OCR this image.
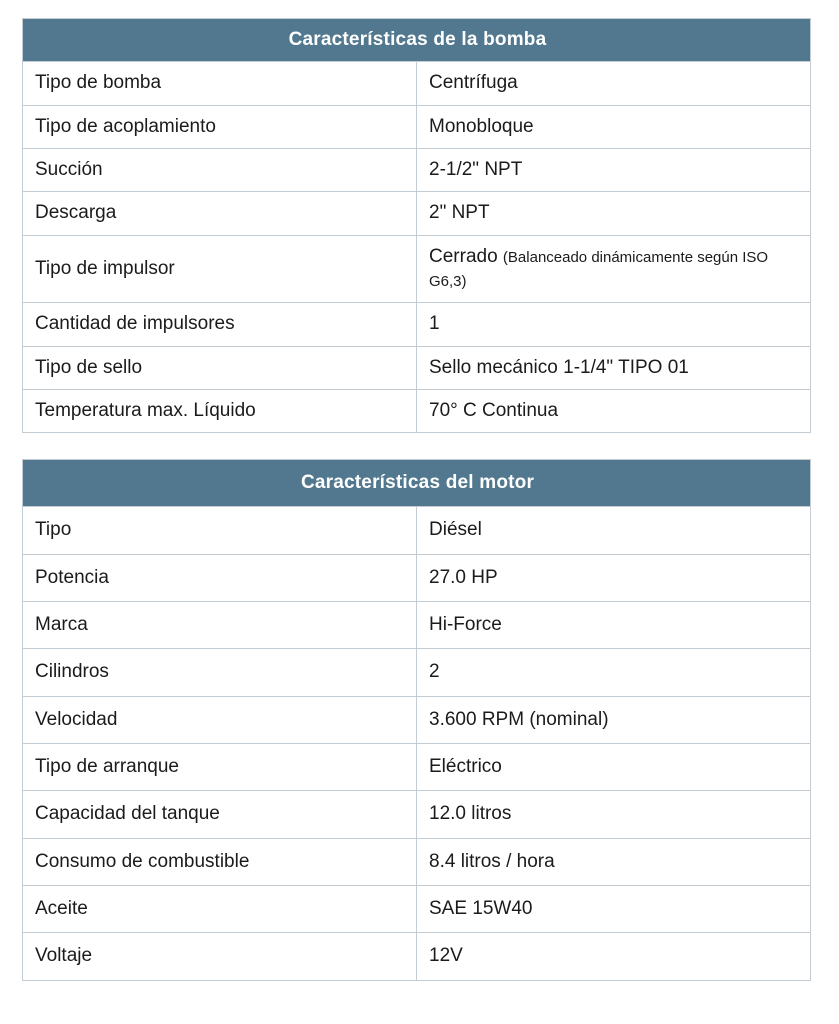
Características de la bomba	
Tipo de bomba	Centrífuga
Tipo de acoplamiento	Monobloque
Succión	2-1/2" NPT
Descarga	2" NPT
Tipo de impulsor	Cerrado (Balanceado dinámicamente según ISO G6,3)
Cantidad de impulsores	1
Tipo de sello	Sello mecánico 1-1/4" TIPO 01
Temperatura max. Líquido	70° C Continua
Características del motor	
Tipo	Diésel
Potencia	27.0 HP
Marca	Hi-Force
Cilindros	2
Velocidad	3.600 RPM (nominal)
Tipo de arranque	Eléctrico
Capacidad del tanque	12.0 litros
Consumo de combustible	8.4 litros / hora
Aceite	SAE 15W40
Voltaje	12V
